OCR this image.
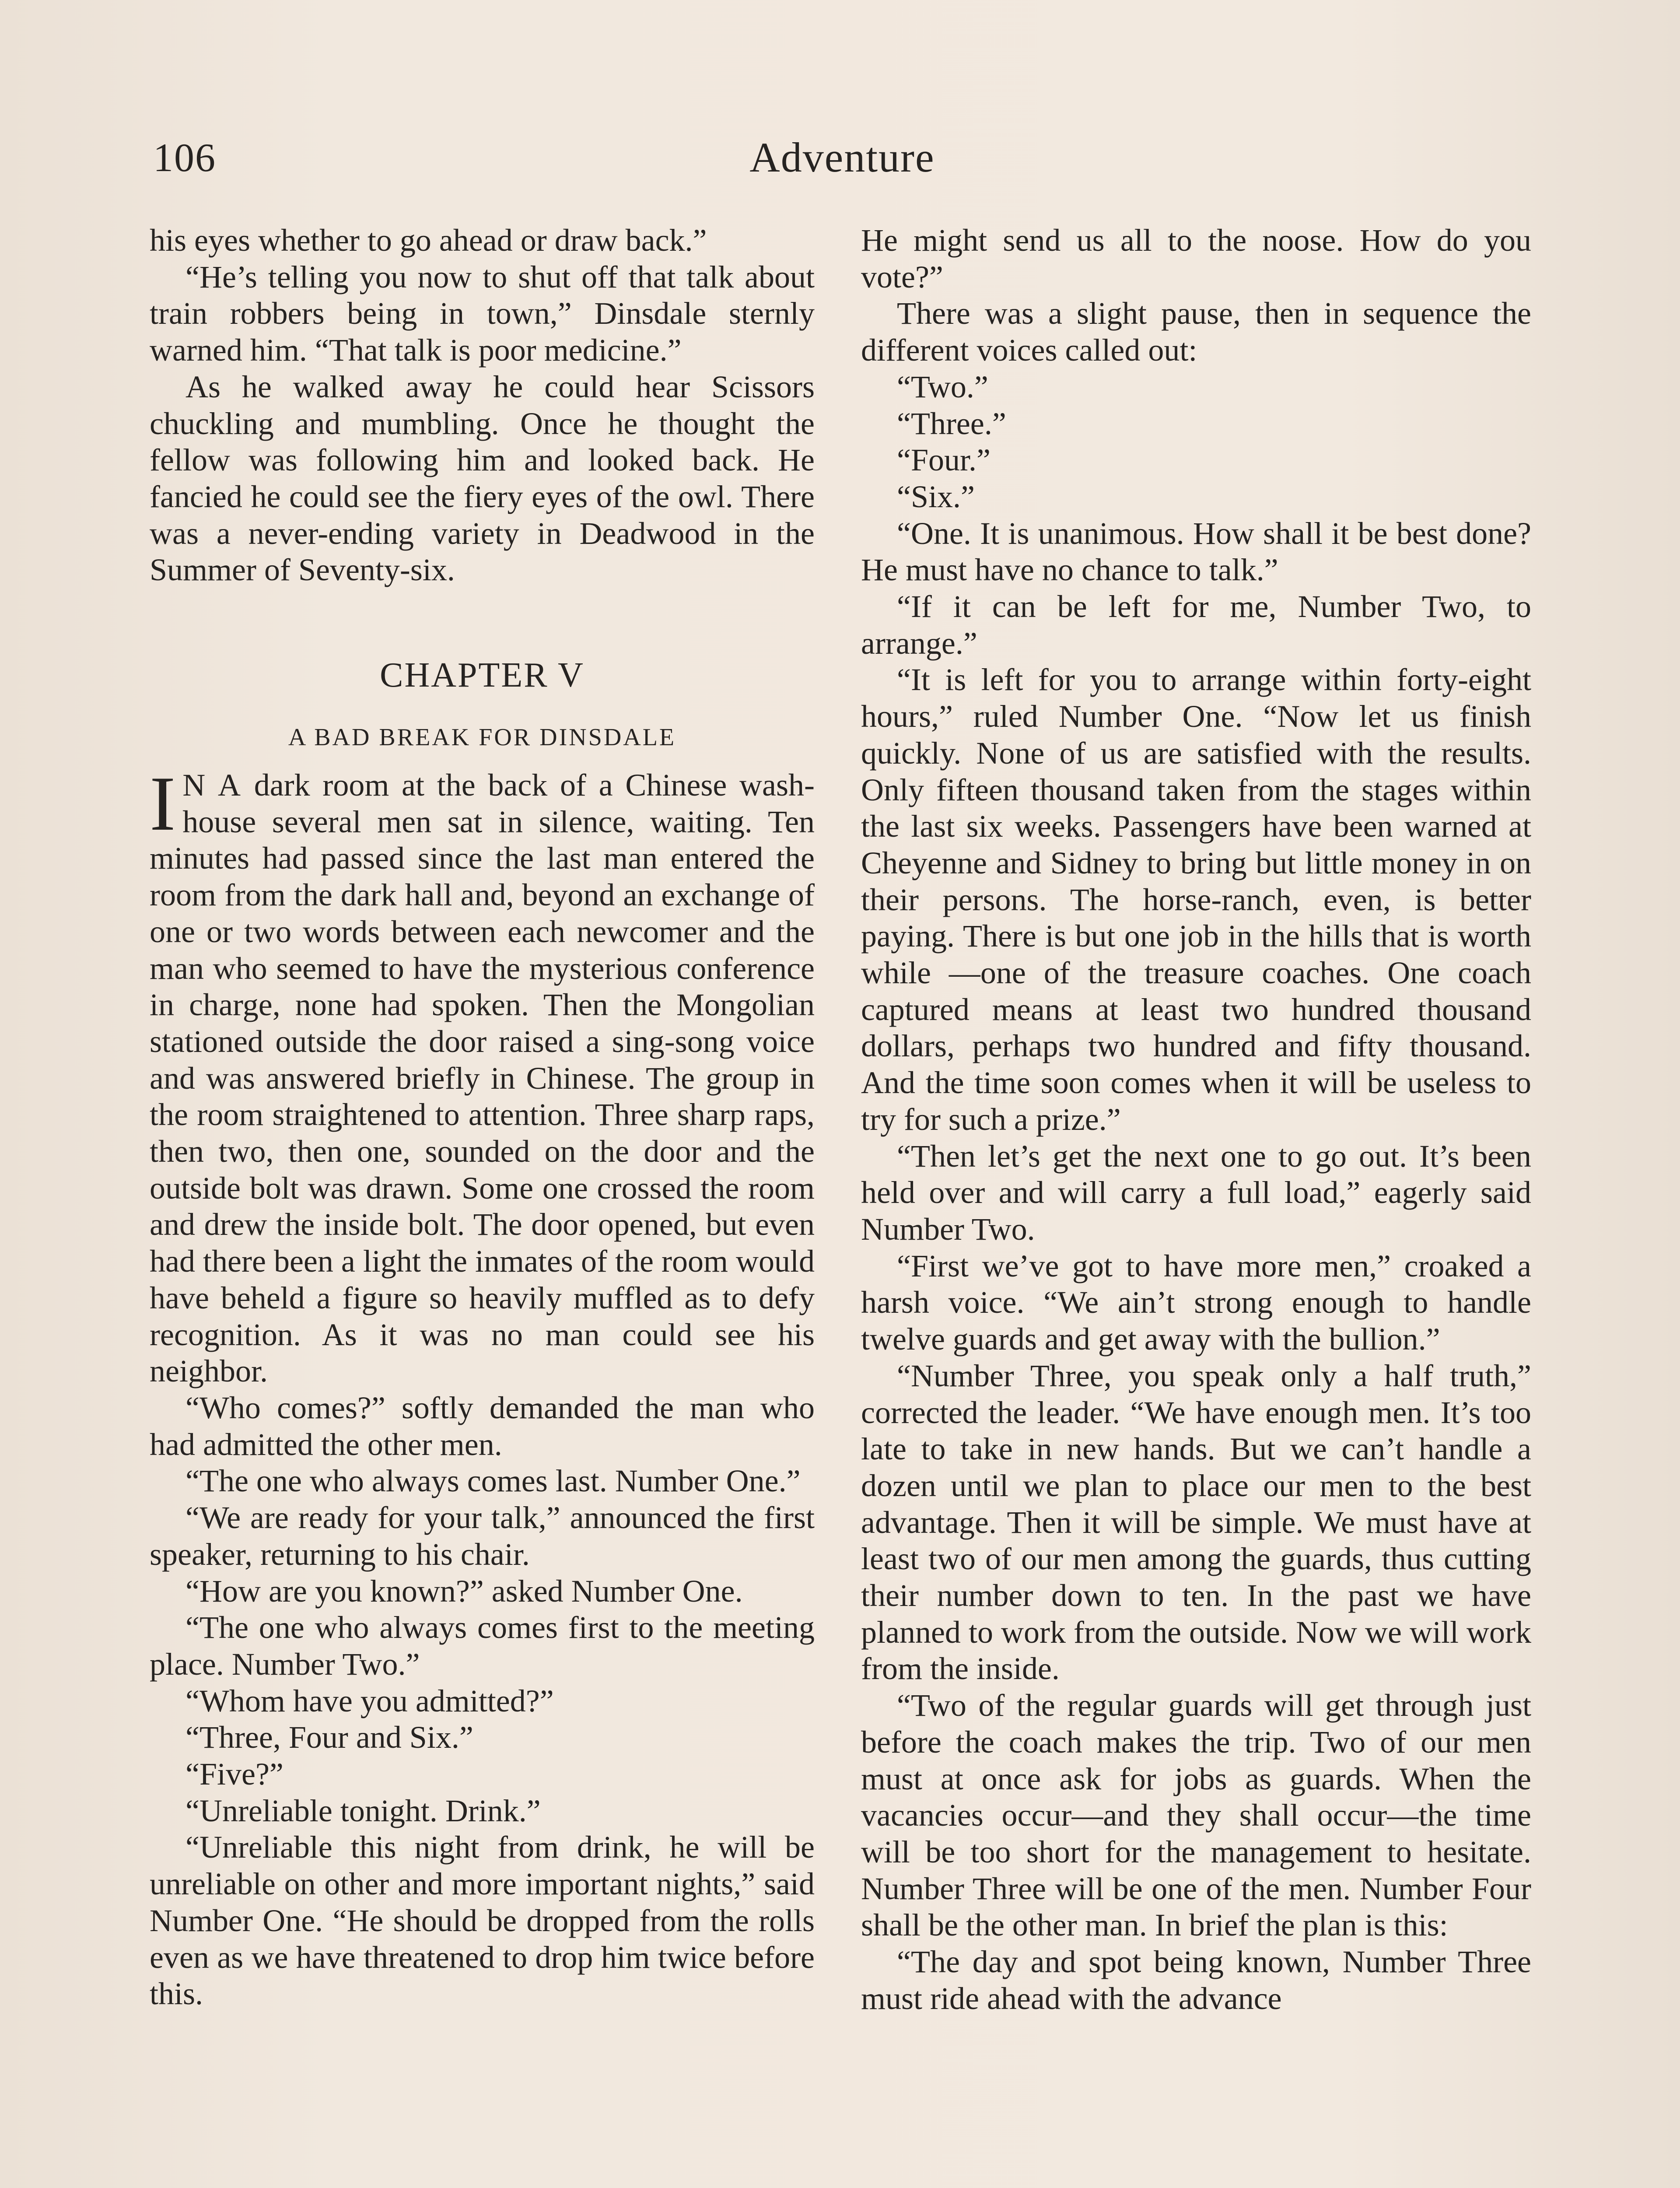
106	Adventure

his eyes whether to go ahead or draw back.”

“He’s telling you now to shut off that talk about train robbers being in town,” Dinsdale sternly warned him. “That talk is poor medicine.”

As he walked away he could hear Scissors chuckling and mumbling. Once he thought the fellow was following him and looked back. He fancied he could see the fiery eyes of the owl. There was a never-ending variety in Deadwood in the Summer of Seventy-six.

CHAPTER V
A BAD BREAK FOR DINSDALE

I N A dark room at the back of a Chinese wash-house several men sat in silence, waiting. Ten minutes had passed since the last man entered the room from the dark hall and, beyond an exchange of one or two words between each newcomer and the man who seemed to have the mysterious conference in charge, none had spoken. Then the Mongolian stationed outside the door raised a sing-song voice and was answered briefly in Chinese. The group in the room straightened to attention. Three sharp raps, then two, then one, sounded on the door and the outside bolt was drawn. Some one crossed the room and drew the inside bolt. The door opened, but even had there been a light the inmates of the room would have beheld a figure so heavily muffled as to defy recognition. As it was no man could see his neighbor.

“Who comes?” softly demanded the man who had admitted the other men.

“The one who always comes last. Number One.”

“We are ready for your talk,” announced the first speaker, returning to his chair.

“How are you known?” asked Number One.

“The one who always comes first to the meeting place. Number Two.”

“Whom have you admitted?”

“Three, Four and Six.”

“Five?”

“Unreliable tonight. Drink.”

“Unreliable this night from drink, he will be unreliable on other and more important nights,” said Number One. “He should be dropped from the rolls even as we have threatened to drop him twice before this.

He might send us all to the noose. How do you vote?”

There was a slight pause, then in sequence the different voices called out:

“Two.”

“Three.”

“Four.”

“Six.”

“One. It is unanimous. How shall it be best done? He must have no chance to talk.”

“If it can be left for me, Number Two, to arrange.”

“It is left for you to arrange within forty-eight hours,” ruled Number One. “Now let us finish quickly. None of us are satisfied with the results. Only fifteen thousand taken from the stages within the last six weeks. Passengers have been warned at Cheyenne and Sidney to bring but little money in on their persons. The horse-ranch, even, is better paying. There is but one job in the hills that is worth while —one of the treasure coaches. One coach captured means at least two hundred thousand dollars, perhaps two hundred and fifty thousand. And the time soon comes when it will be useless to try for such a prize.”

“Then let’s get the next one to go out. It’s been held over and will carry a full load,” eagerly said Number Two.

“First we’ve got to have more men,” croaked a harsh voice. “We ain’t strong enough to handle twelve guards and get away with the bullion.”

“Number Three, you speak only a half truth,” corrected the leader. “We have enough men. It’s too late to take in new hands. But we can’t handle a dozen until we plan to place our men to the best advantage. Then it will be simple. We must have at least two of our men among the guards, thus cutting their number down to ten. In the past we have planned to work from the outside. Now we will work from the inside.

“Two of the regular guards will get through just before the coach makes the trip. Two of our men must at once ask for jobs as guards. When the vacancies occur—and they shall occur—the time will be too short for the management to hesitate. Number Three will be one of the men. Number Four shall be the other man. In brief the plan is this:

“The day and spot being known, Number Three must ride ahead with the advance
